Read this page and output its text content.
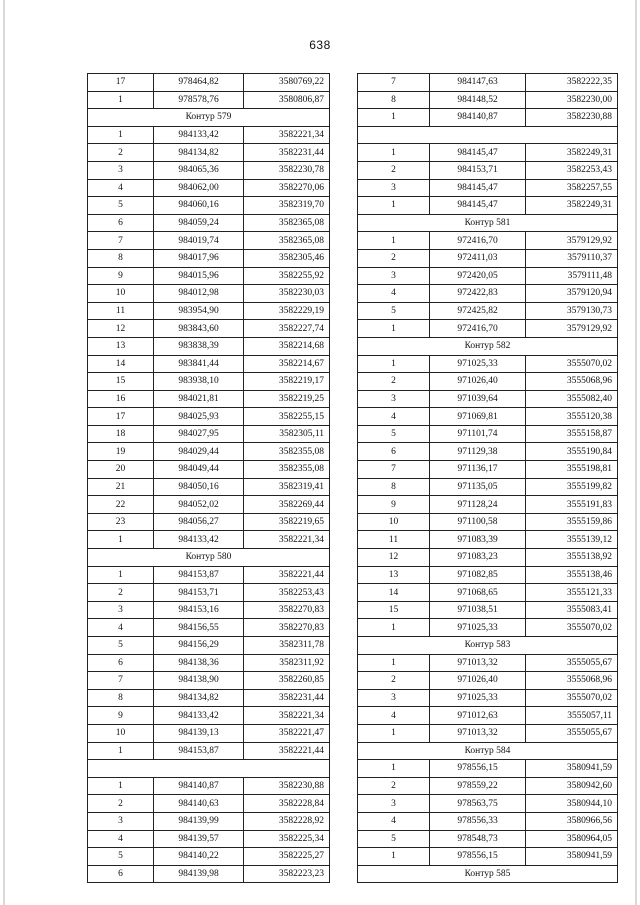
638
17	978464,82	3580769,22
1	978578,76	3580806,87
Контур 579		
1	984133,42	3582221,34
2	984134,82	3582231,44
3	984065,36	3582230,78
4	984062,00	3582270,06
5	984060,16	3582319,70
6	984059,24	3582365,08
7	984019,74	3582365,08
8	984017,96	3582305,46
9	984015,96	3582255,92
10	984012,98	3582230,03
11	983954,90	3582229,19
12	983843,60	3582227,74
13	983838,39	3582214,68
14	983841,44	3582214,67
15	983938,10	3582219,17
16	984021,81	3582219,25
17	984025,93	3582255,15
18	984027,95	3582305,11
19	984029,44	3582355,08
20	984049,44	3582355,08
21	984050,16	3582319,41
22	984052,02	3582269,44
23	984056,27	3582219,65
1	984133,42	3582221,34
Контур 580		
1	984153,87	3582221,44
2	984153,71	3582253,43
3	984153,16	3582270,83
4	984156,55	3582270,83
5	984156,29	3582311,78
6	984138,36	3582311,92
7	984138,90	3582260,85
8	984134,82	3582231,44
9	984133,42	3582221,34
10	984139,13	3582221,47
1	984153,87	3582221,44

1	984140,87	3582230,88
2	984140,63	3582228,84
3	984139,99	3582228,92
4	984139,57	3582225,34
5	984140,22	3582225,27
6	984139,98	3582223,23
7	984147,63	3582222,35
8	984148,52	3582230,00
1	984140,87	3582230,88

1	984145,47	3582249,31
2	984153,71	3582253,43
3	984145,47	3582257,55
1	984145,47	3582249,31
Контур 581		
1	972416,70	3579129,92
2	972411,03	3579110,37
3	972420,05	3579111,48
4	972422,83	3579120,94
5	972425,82	3579130,73
1	972416,70	3579129,92
Контур 582		
1	971025,33	3555070,02
2	971026,40	3555068,96
3	971039,64	3555082,40
4	971069,81	3555120,38
5	971101,74	3555158,87
6	971129,38	3555190,84
7	971136,17	3555198,81
8	971135,05	3555199,82
9	971128,24	3555191,83
10	971100,58	3555159,86
11	971083,39	3555139,12
12	971083,23	3555138,92
13	971082,85	3555138,46
14	971068,65	3555121,33
15	971038,51	3555083,41
1	971025,33	3555070,02
Контур 583		
1	971013,32	3555055,67
2	971026,40	3555068,96
3	971025,33	3555070,02
4	971012,63	3555057,11
1	971013,32	3555055,67
Контур 584		
1	978556,15	3580941,59
2	978559,22	3580942,60
3	978563,75	3580944,10
4	978556,33	3580966,56
5	978548,73	3580964,05
1	978556,15	3580941,59
Контур 585		
